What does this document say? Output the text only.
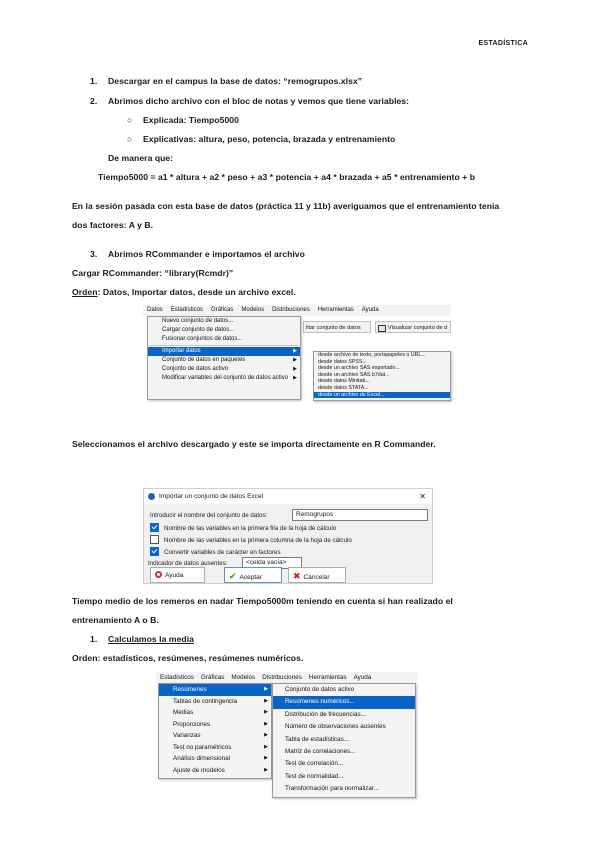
ESTADÍSTICA
1. Descargar en el campus la base de datos: “remogrupos.xlsx”
2. Abrimos dicho archivo con el bloc de notas y vemos que tiene variables:
○ Explicada: Tiempo5000
○ Explicativas: altura, peso, potencia, brazada y entrenamiento
De manera que:
Tiempo5000 = a1 * altura + a2 * peso + a3 * potencia + a4 * brazada + a5 * entrenamiento + b
En la sesión pasada con esta base de datos (práctica 11 y 11b) averiguamos que el entrenamiento tenía
dos factores: A y B.
3. Abrimos RCommander e importamos el archivo
Cargar RCommander: “library(Rcmdr)”
Orden: Datos, Importar datos, desde un archivo excel.
Datos Estadísticos Gráficas Modelos Distribuciones Herramientas Ayuda
litar conjunto de datos	Visualizar conjunto de d
Nuevo conjunto de datos...
Cargar conjunto de datos...
Fusionar conjuntos de datos...
Importar datos	▶
Conjunto de datos en paquetes	▶
Conjunto de datos activo	▶
Modificar variables del conjunto de datos activo ▶
desde archivo de texto, portapapeles o URL...
desde datos SPSS...
desde un archivo SAS exportado...
desde un archivo SAS b7dat...
desde datos Minitab...
desde datos STATA...
desde un archivo de Excel...
Seleccionamos el archivo descargado y este se importa directamente en R Commander.
Importar un conjunto de datos Excel	✕
Introducir el nombre del conjunto de datos:	Remogrupos
Nombre de las variables en la primera fila de la hoja de cálculo
Nombre de las variables en la primera columna de la hoja de cálculo
Convertir variables de carácter en factores
Indicador de datos ausentes:	<celda vacía>
Ayuda	✔ Aceptar	✖ Cancelar
Tiempo medio de los remeros en nadar Tiempo5000m teniendo en cuenta si han realizado el
entrenamiento A o B.
1. Calculamos la media
Orden: estadísticos, resúmenes, resúmenes numéricos.
Estadísticos Gráficas Modelos Distribuciones Herramientas Ayuda
Resúmenes	▶
Tablas de contingencia	▶
Medias	▶
Proporciones	▶
Varianzas	▶
Test no paramétricos	▶
Análisis dimensional	▶
Ajuste de modelos	▶
Conjunto de datos activo
Resúmenes numéricos...
Distribución de frecuencias...
Número de observaciones ausentes
Tabla de estadísticas...
Matriz de correlaciones...
Test de correlación...
Test de normalidad...
Transformación para normalizar...
